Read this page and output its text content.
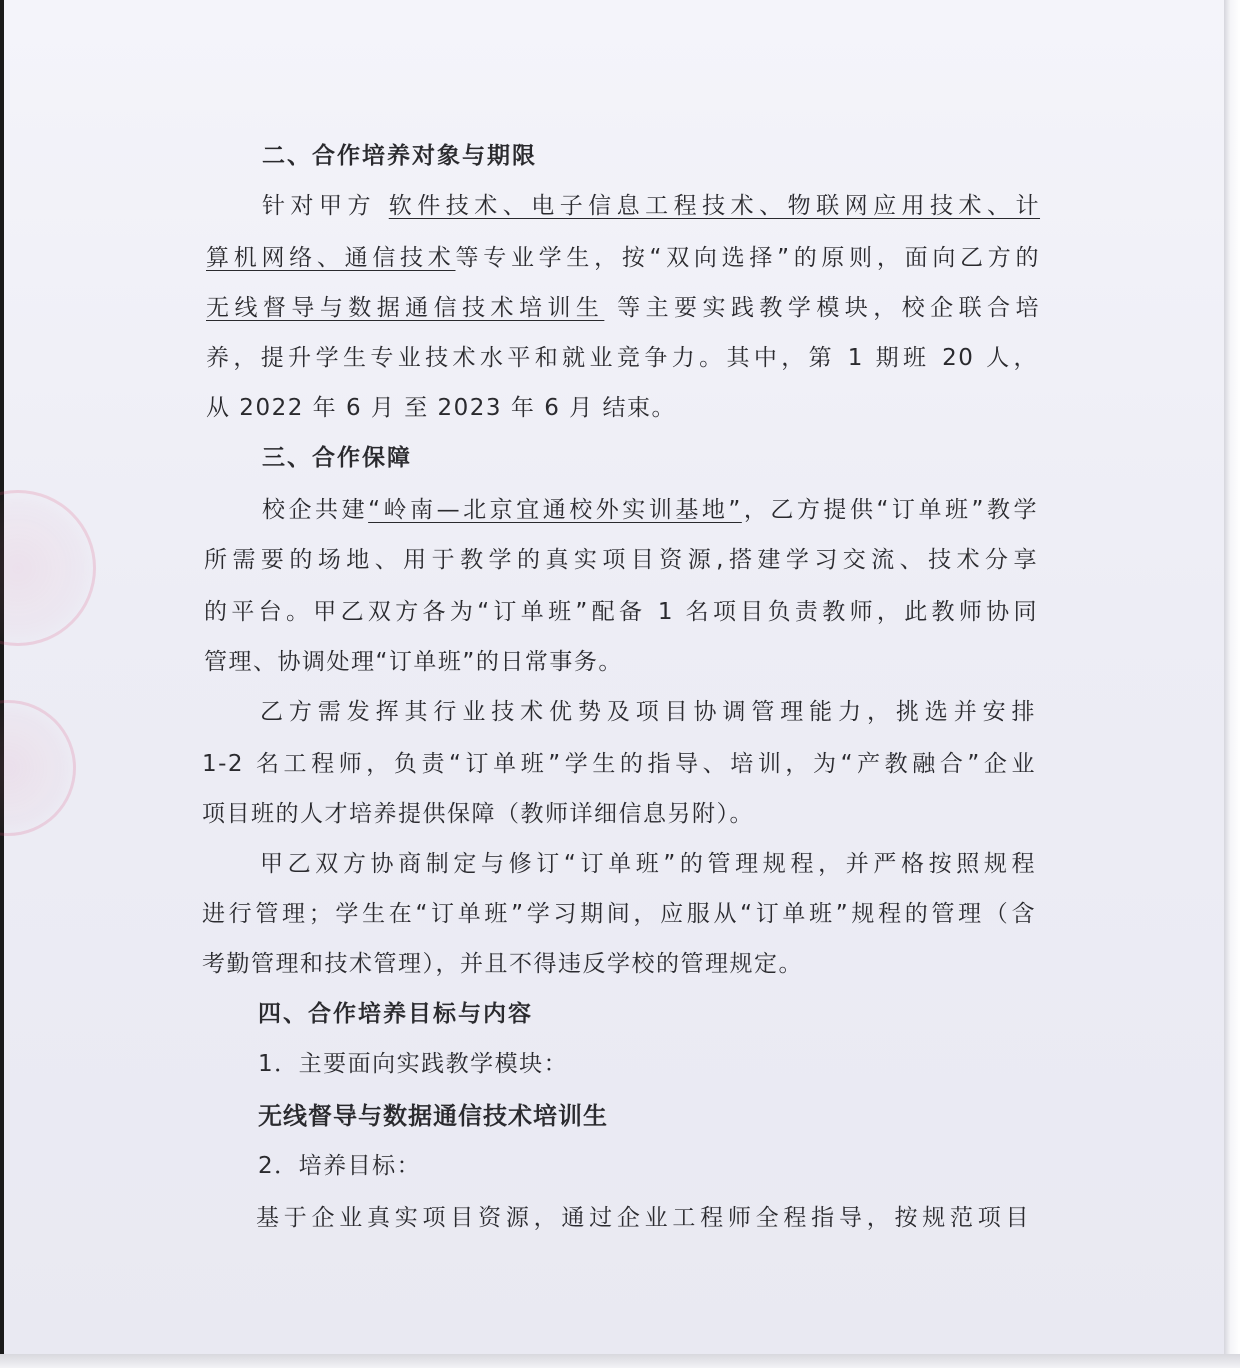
二、合作培养对象与期限
针对甲方 软件技术、电子信息工程技术、物联网应用技术、计
算机网络、通信技术等专业学生，按“双向选择”的原则，面向乙方的
无线督导与数据通信技术培训生 等主要实践教学模块，校企联合培
养，提升学生专业技术水平和就业竞争力。其中，第 1 期班 20 人，
从 2022 年 6 月 至 2023 年 6 月 结束。
三、合作保障
校企共建“岭南—北京宜通校外实训基地”，乙方提供“订单班”教学
所需要的场地、用于教学的真实项目资源,搭建学习交流、技术分享
的平台。甲乙双方各为“订单班”配备 1 名项目负责教师，此教师协同
管理、协调处理“订单班”的日常事务。
乙方需发挥其行业技术优势及项目协调管理能力，挑选并安排
1-2 名工程师，负责“订单班”学生的指导、培训，为“产教融合”企业
项目班的人才培养提供保障（教师详细信息另附）。
甲乙双方协商制定与修订“订单班”的管理规程，并严格按照规程
进行管理；学生在“订单班”学习期间，应服从“订单班”规程的管理（含
考勤管理和技术管理），并且不得违反学校的管理规定。
四、合作培养目标与内容
1．主要面向实践教学模块：
无线督导与数据通信技术培训生
2．培养目标：
基于企业真实项目资源，通过企业工程师全程指导，按规范项目
